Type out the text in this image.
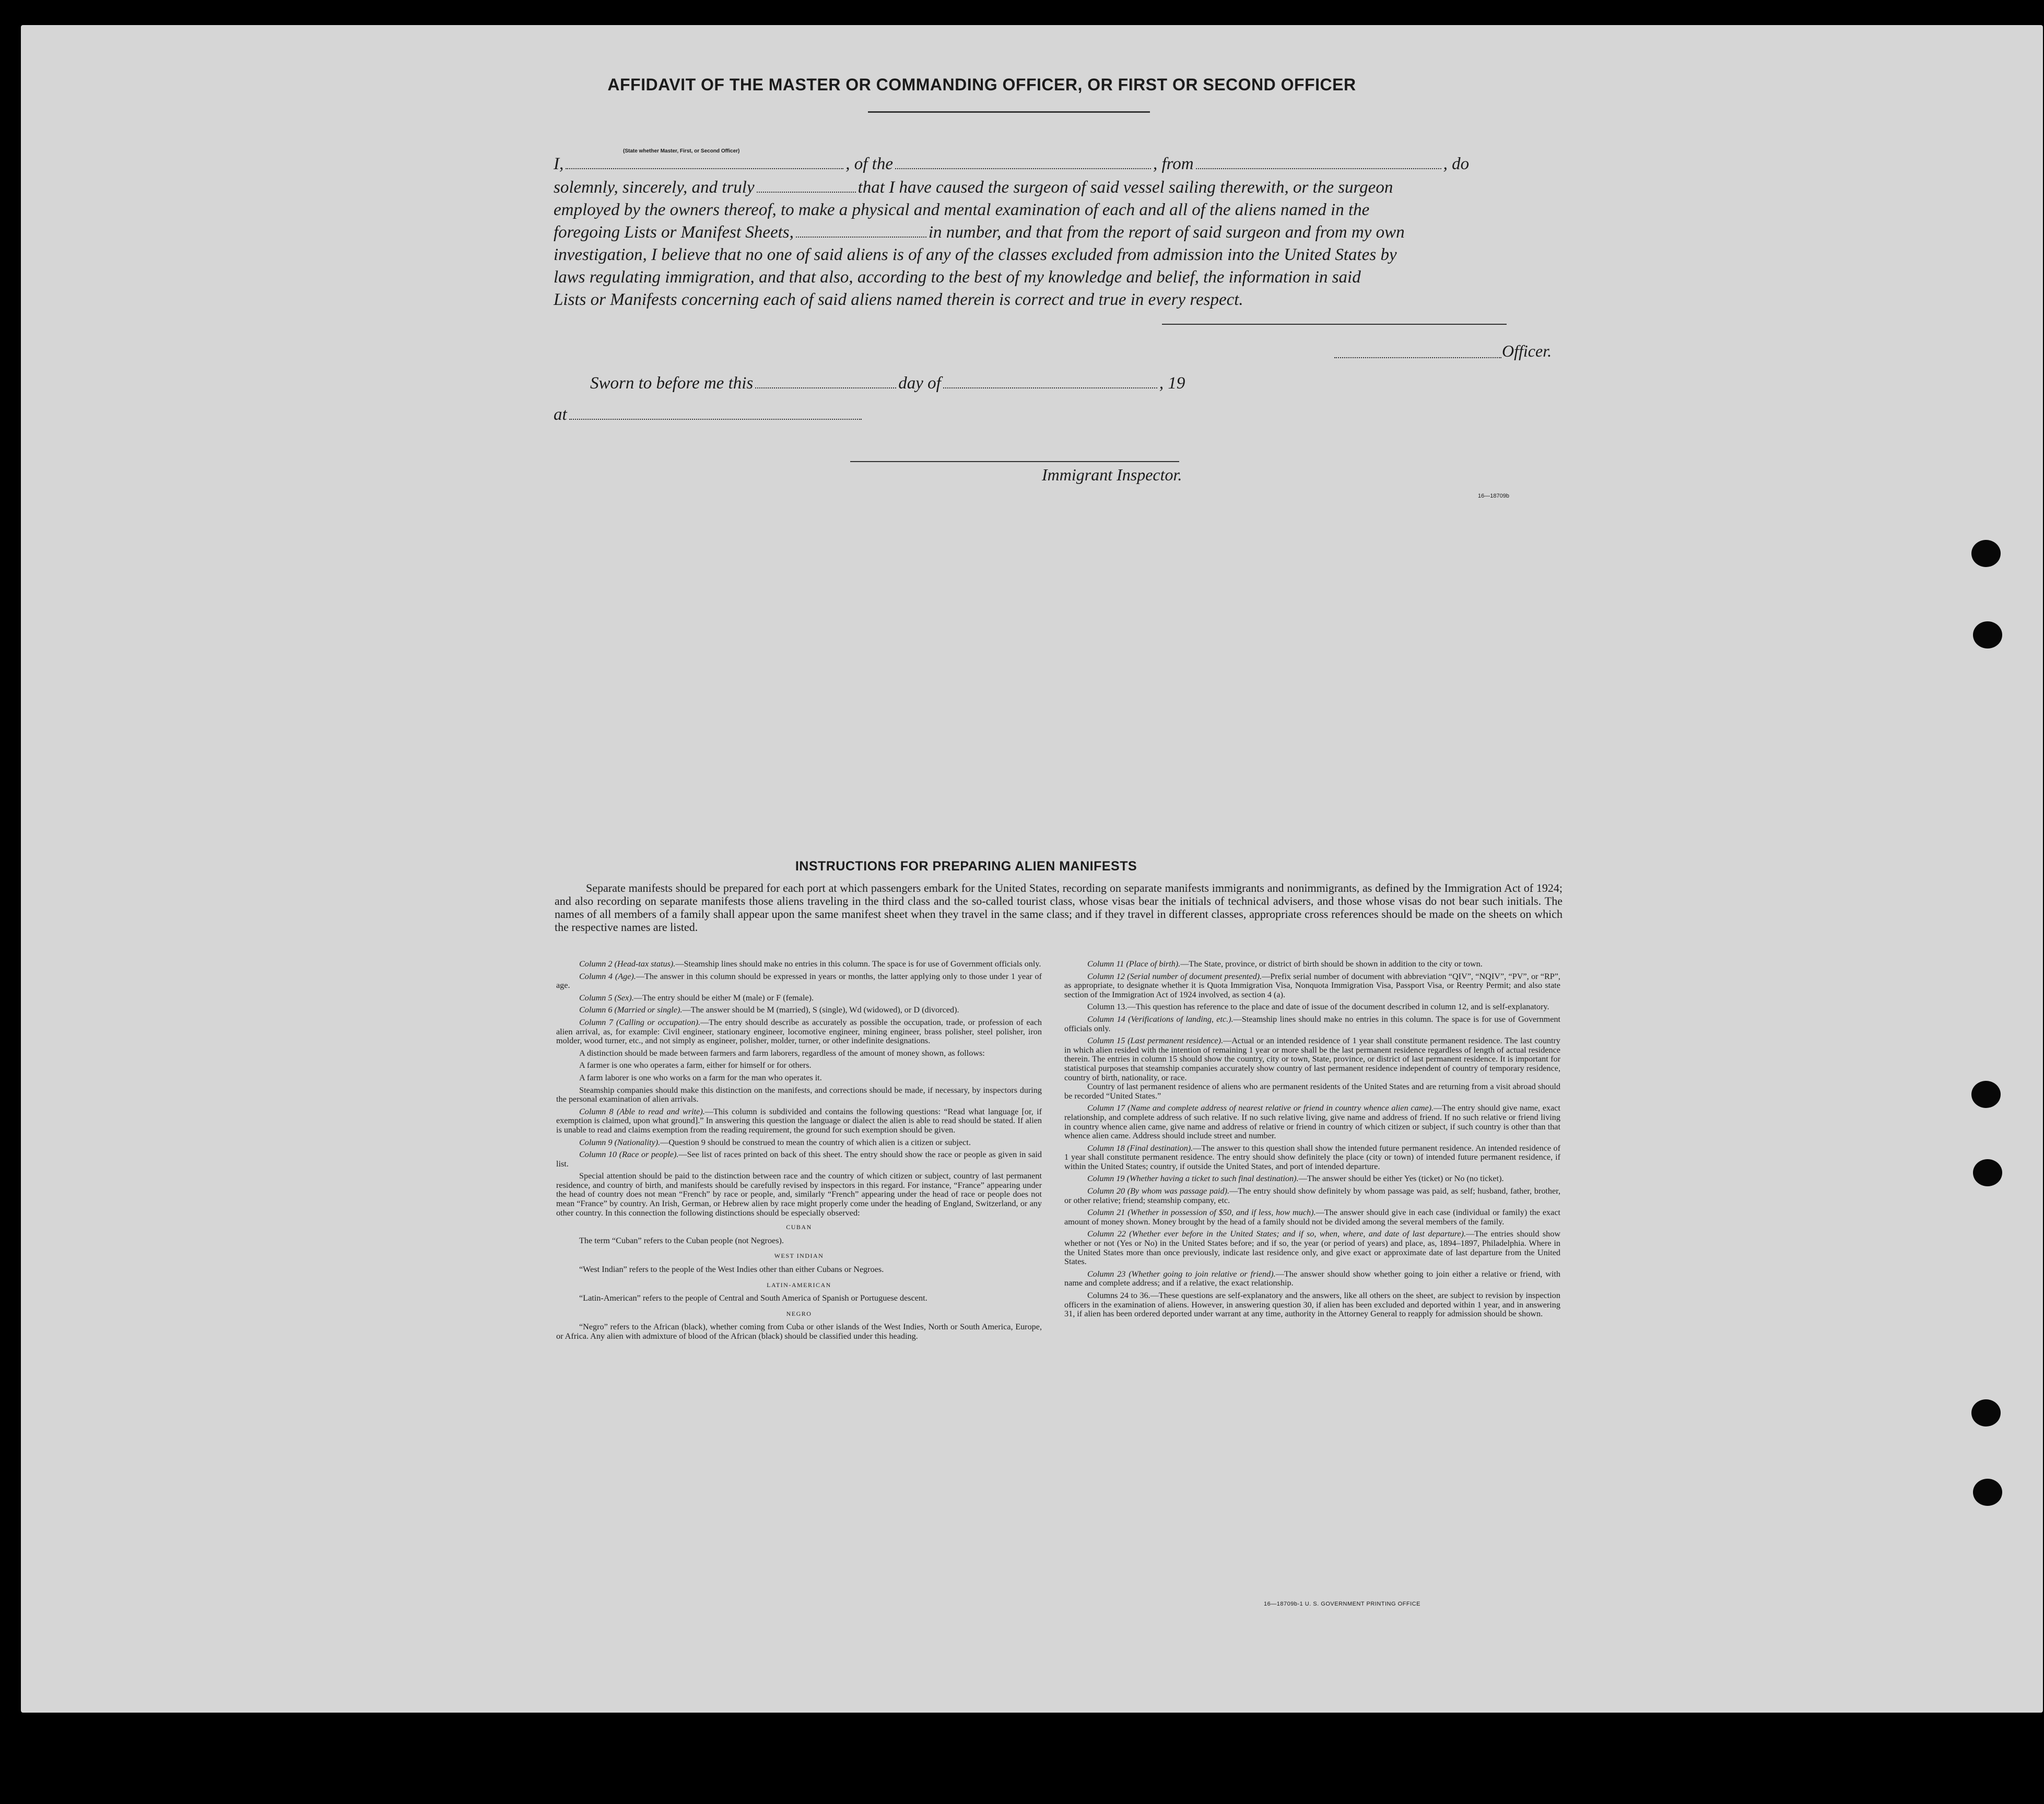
AFFIDAVIT OF THE MASTER OR COMMANDING OFFICER, OR FIRST OR SECOND OFFICER
I,	, of the	, from	, do
(State whether Master, First, or Second Officer)
solemnly, sincerely, and truly	that I have caused the surgeon of said vessel sailing therewith, or the surgeon
employed by the owners thereof, to make a physical and mental examination of each and all of the aliens named in the
foregoing Lists or Manifest Sheets,	in number, and that from the report of said surgeon and from my own
investigation, I believe that no one of said aliens is of any of the classes excluded from admission into the United States by
laws regulating immigration, and that also, according to the best of my knowledge and belief, the information in said
Lists or Manifests concerning each of said aliens named therein is correct and true in every respect.
Officer.
Sworn to before me this	day of	, 19
at
Immigrant Inspector.
16—18709b
INSTRUCTIONS FOR PREPARING ALIEN MANIFESTS

Separate manifests should be prepared for each port at which passengers embark for the United States, recording on separate manifests immigrants and nonimmigrants, as defined by the Immigration Act of 1924; and also recording on separate manifests those aliens traveling in the third class and the so-called tourist class, whose visas bear the initials of technical advisers, and those whose visas do not bear such initials. The names of all members of a family shall appear upon the same manifest sheet when they travel in the same class; and if they travel in different classes, appropriate cross references should be made on the sheets on which the respective names are listed.

Column 2 (Head-tax status).—Steamship lines should make no entries in this column. The space is for use of Government officials only.

Column 4 (Age).—The answer in this column should be expressed in years or months, the latter applying only to those under 1 year of age.

Column 5 (Sex).—The entry should be either M (male) or F (female).

Column 6 (Married or single).—The answer should be M (married), S (single), Wd (widowed), or D (divorced).

Column 7 (Calling or occupation).—The entry should describe as accurately as possible the occupation, trade, or profession of each alien arrival, as, for example: Civil engineer, stationary engineer, locomotive engineer, mining engineer, brass polisher, steel polisher, iron molder, wood turner, etc., and not simply as engineer, polisher, molder, turner, or other indefinite designations.

A distinction should be made between farmers and farm laborers, regardless of the amount of money shown, as follows:

A farmer is one who operates a farm, either for himself or for others.

A farm laborer is one who works on a farm for the man who operates it.

Steamship companies should make this distinction on the manifests, and corrections should be made, if necessary, by inspectors during the personal examination of alien arrivals.

Column 8 (Able to read and write).—This column is subdivided and contains the following questions: “Read what language [or, if exemption is claimed, upon what ground].” In answering this question the language or dialect the alien is able to read should be stated. If alien is unable to read and claims exemption from the reading requirement, the ground for such exemption should be given.

Column 9 (Nationality).—Question 9 should be construed to mean the country of which alien is a citizen or subject.

Column 10 (Race or people).—See list of races printed on back of this sheet. The entry should show the race or people as given in said list.

Special attention should be paid to the distinction between race and the country of which citizen or subject, country of last permanent residence, and country of birth, and manifests should be carefully revised by inspectors in this regard. For instance, “France” appearing under the head of country does not mean “French” by race or people, and, similarly “French” appearing under the head of race or people does not mean “France” by country. An Irish, German, or Hebrew alien by race might properly come under the heading of England, Switzerland, or any other country. In this connection the following distinctions should be especially observed:

CUBAN

The term “Cuban” refers to the Cuban people (not Negroes).

WEST INDIAN

“West Indian” refers to the people of the West Indies other than either Cubans or Negroes.

LATIN-AMERICAN

“Latin-American” refers to the people of Central and South America of Spanish or Portuguese descent.

NEGRO

“Negro” refers to the African (black), whether coming from Cuba or other islands of the West Indies, North or South America, Europe, or Africa. Any alien with admixture of blood of the African (black) should be classified under this heading.

Column 11 (Place of birth).—The State, province, or district of birth should be shown in addition to the city or town.

Column 12 (Serial number of document presented).—Prefix serial number of document with abbreviation “QIV”, “NQIV”, “PV”, or “RP”, as appropriate, to designate whether it is Quota Immigration Visa, Nonquota Immigration Visa, Passport Visa, or Reentry Permit; and also state section of the Immigration Act of 1924 involved, as section 4 (a).

Column 13.—This question has reference to the place and date of issue of the document described in column 12, and is self-explanatory.

Column 14 (Verifications of landing, etc.).—Steamship lines should make no entries in this column. The space is for use of Government officials only.

Column 15 (Last permanent residence).—Actual or an intended residence of 1 year shall constitute permanent residence. The last country in which alien resided with the intention of remaining 1 year or more shall be the last permanent residence regardless of length of actual residence therein. The entries in column 15 should show the country, city or town, State, province, or district of last permanent residence. It is important for statistical purposes that steamship companies accurately show country of last permanent residence independent of country of temporary residence, country of birth, nationality, or race.

Country of last permanent residence of aliens who are permanent residents of the United States and are returning from a visit abroad should be recorded “United States.”

Column 17 (Name and complete address of nearest relative or friend in country whence alien came).—The entry should give name, exact relationship, and complete address of such relative. If no such relative living, give name and address of friend. If no such relative or friend living in country whence alien came, give name and address of relative or friend in country of which citizen or subject, if such country is other than that whence alien came. Address should include street and number.

Column 18 (Final destination).—The answer to this question shall show the intended future permanent residence. An intended residence of 1 year shall constitute permanent residence. The entry should show definitely the place (city or town) of intended future permanent residence, if within the United States; country, if outside the United States, and port of intended departure.

Column 19 (Whether having a ticket to such final destination).—The answer should be either Yes (ticket) or No (no ticket).

Column 20 (By whom was passage paid).—The entry should show definitely by whom passage was paid, as self; husband, father, brother, or other relative; friend; steamship company, etc.

Column 21 (Whether in possession of $50, and if less, how much).—The answer should give in each case (individual or family) the exact amount of money shown. Money brought by the head of a family should not be divided among the several members of the family.

Column 22 (Whether ever before in the United States; and if so, when, where, and date of last departure).—The entries should show whether or not (Yes or No) in the United States before; and if so, the year (or period of years) and place, as, 1894–1897, Philadelphia. Where in the United States more than once previously, indicate last residence only, and give exact or approximate date of last departure from the United States.

Column 23 (Whether going to join relative or friend).—The answer should show whether going to join either a relative or friend, with name and complete address; and if a relative, the exact relationship.

Columns 24 to 36.—These questions are self-explanatory and the answers, like all others on the sheet, are subject to revision by inspection officers in the examination of aliens. However, in answering question 30, if alien has been excluded and deported within 1 year, and in answering 31, if alien has been ordered deported under warrant at any time, authority in the Attorney General to reapply for admission should be shown.

16—18709b-1 U. S. GOVERNMENT PRINTING OFFICE
